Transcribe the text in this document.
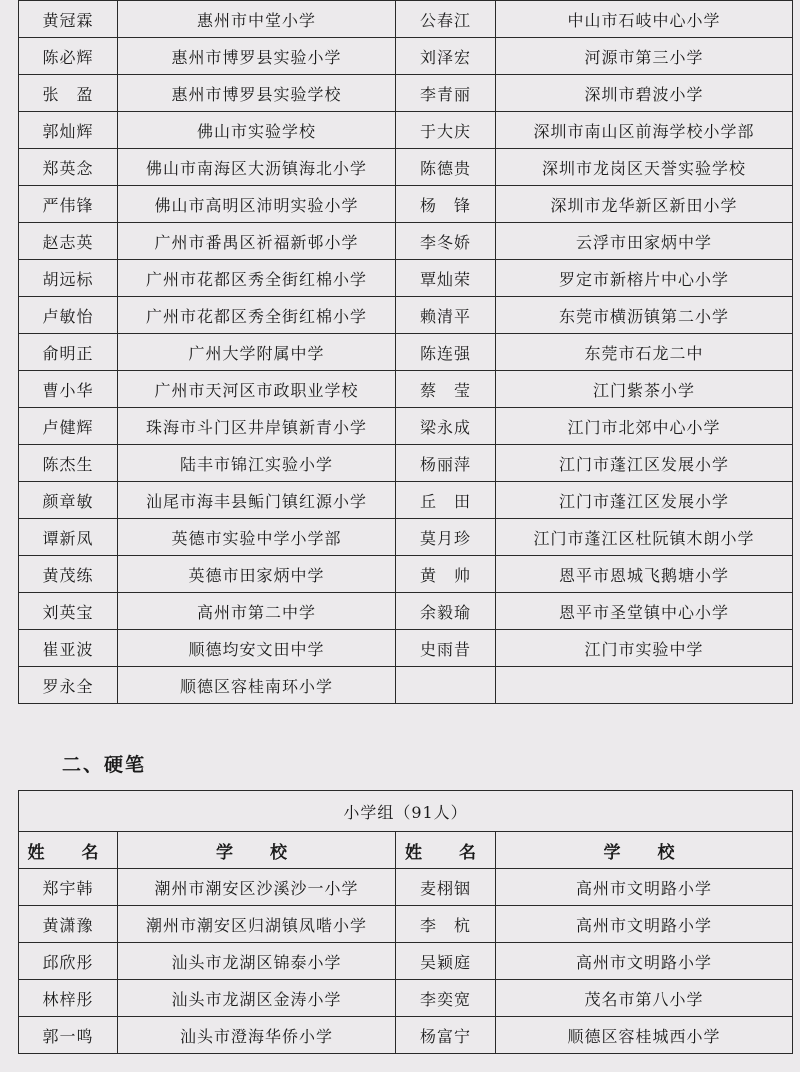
黄冠霖	惠州市中堂小学	公春江	中山市石岐中心小学
陈必辉	惠州市博罗县实验小学	刘泽宏	河源市第三小学
张　盈	惠州市博罗县实验学校	李青丽	深圳市碧波小学
郭灿辉	佛山市实验学校	于大庆	深圳市南山区前海学校小学部
郑英念	佛山市南海区大沥镇海北小学	陈德贵	深圳市龙岗区天誉实验学校
严伟锋	佛山市高明区沛明实验小学	杨　锋	深圳市龙华新区新田小学
赵志英	广州市番禺区祈福新邨小学	李冬娇	云浮市田家炳中学
胡远标	广州市花都区秀全街红棉小学	覃灿荣	罗定市新榕片中心小学
卢敏怡	广州市花都区秀全街红棉小学	赖清平	东莞市横沥镇第二小学
俞明正	广州大学附属中学	陈连强	东莞市石龙二中
曹小华	广州市天河区市政职业学校	蔡　莹	江门紫茶小学
卢健辉	珠海市斗门区井岸镇新青小学	梁永成	江门市北郊中心小学
陈杰生	陆丰市锦江实验小学	杨丽萍	江门市蓬江区发展小学
颜章敏	汕尾市海丰县鲘门镇红源小学	丘　田	江门市蓬江区发展小学
谭新凤	英德市实验中学小学部	莫月珍	江门市蓬江区杜阮镇木朗小学
黄茂练	英德市田家炳中学	黄　帅	恩平市恩城飞鹅塘小学
刘英宝	高州市第二中学	余毅瑜	恩平市圣堂镇中心小学
崔亚波	顺德均安文田中学	史雨昔	江门市实验中学
罗永全	顺德区容桂南环小学		
二、硬笔
小学组（91人）			
姓　名	学　校	姓　名	学　校
郑宇韩	潮州市潮安区沙溪沙一小学	麦栩铟	高州市文明路小学
黄潇豫	潮州市潮安区归湖镇凤喈小学	李　杭	高州市文明路小学
邱欣彤	汕头市龙湖区锦泰小学	吴颖庭	高州市文明路小学
林梓彤	汕头市龙湖区金涛小学	李奕宽	茂名市第八小学
郭一鸣	汕头市澄海华侨小学	杨富宁	顺德区容桂城西小学
